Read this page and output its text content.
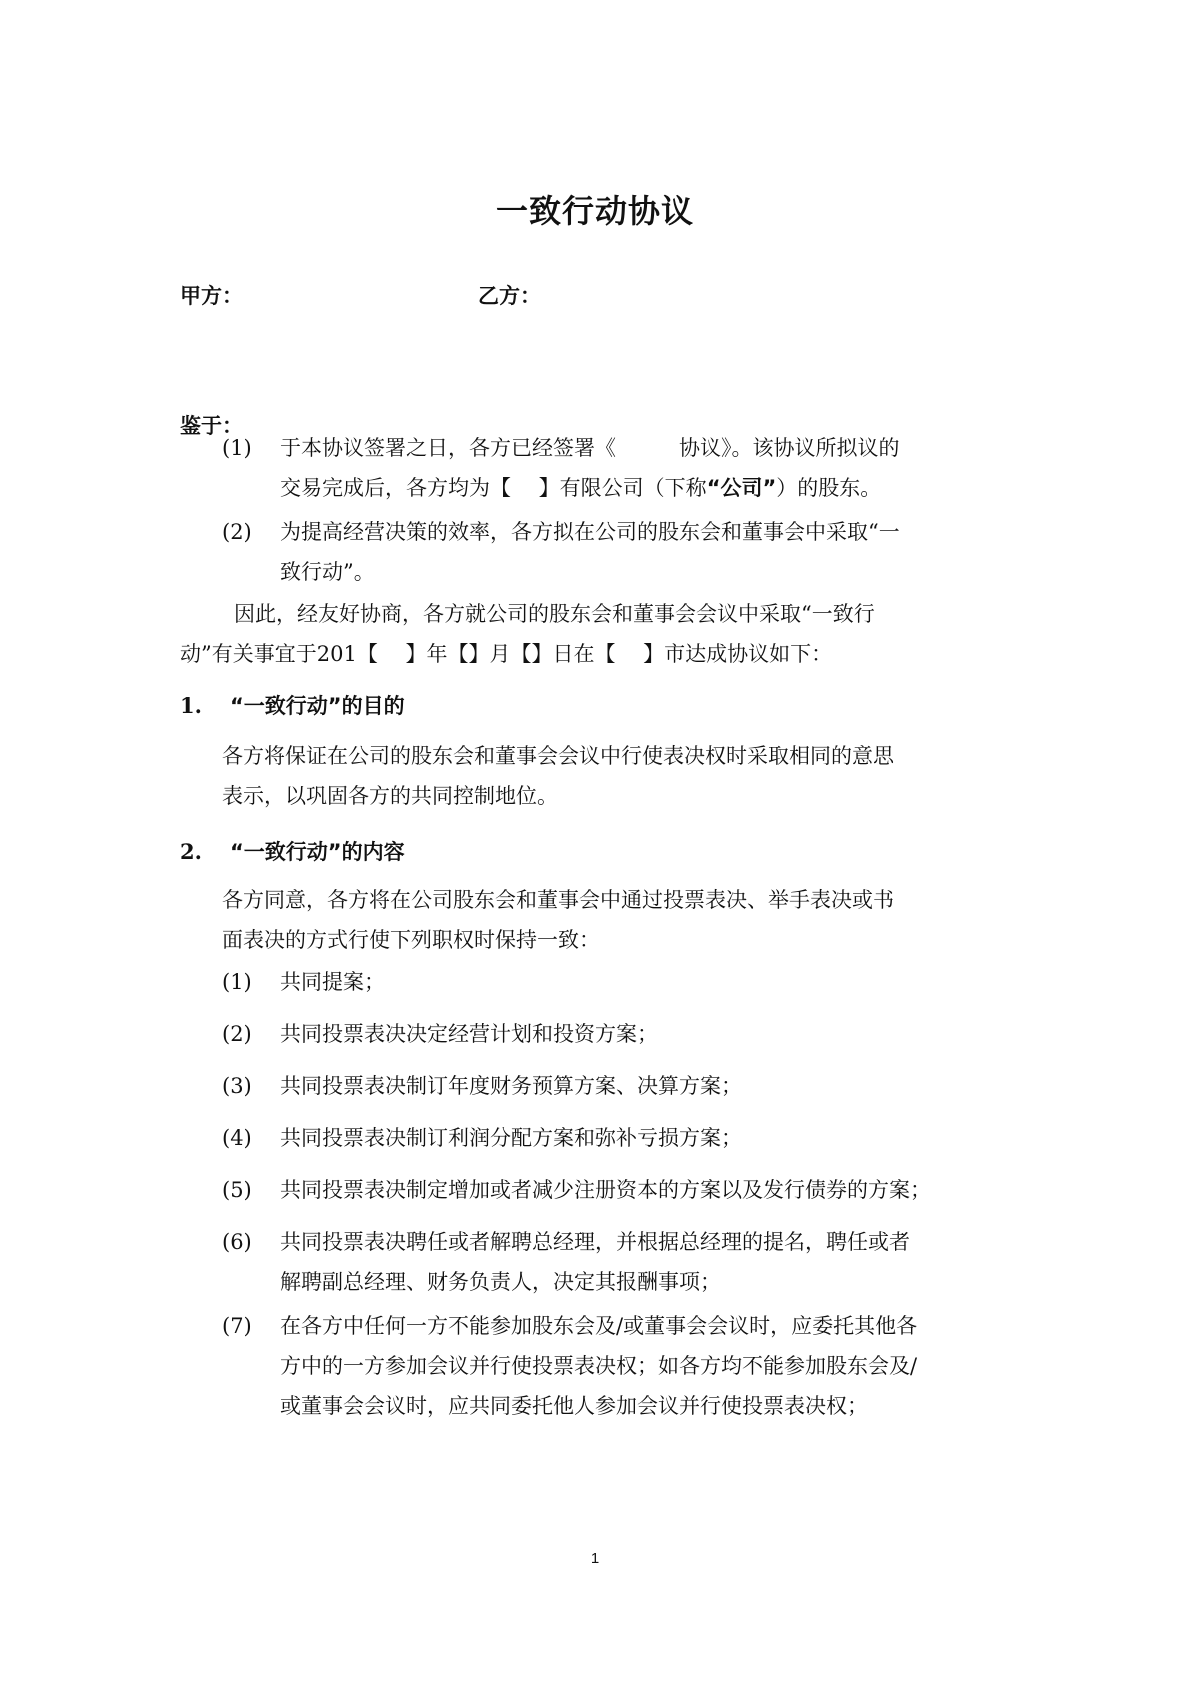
一致行动协议
甲方：	乙方：
鉴于：
(1)	于本协议签署之日，各方已经签署《　　　协议》。该协议所拟议的
交易完成后，各方均为【　 】有限公司（下称“公司”）的股东。
(2)	为提高经营决策的效率，各方拟在公司的股东会和董事会中采取“一
致行动”。
因此，经友好协商，各方就公司的股东会和董事会会议中采取“一致行
动”有关事宜于201【　 】年【】月【】日在【　 】市达成协议如下：
1. “一致行动”的目的
各方将保证在公司的股东会和董事会会议中行使表决权时采取相同的意思
表示，以巩固各方的共同控制地位。
2. “一致行动”的内容
各方同意，各方将在公司股东会和董事会中通过投票表决、举手表决或书
面表决的方式行使下列职权时保持一致：
(1)	共同提案；
(2)	共同投票表决决定经营计划和投资方案；
(3)	共同投票表决制订年度财务预算方案、决算方案；
(4)	共同投票表决制订利润分配方案和弥补亏损方案；
(5)	共同投票表决制定增加或者减少注册资本的方案以及发行债券的方案；
(6)	共同投票表决聘任或者解聘总经理，并根据总经理的提名，聘任或者
解聘副总经理、财务负责人，决定其报酬事项；
(7)	在各方中任何一方不能参加股东会及/或董事会会议时，应委托其他各
方中的一方参加会议并行使投票表决权；如各方均不能参加股东会及/
或董事会会议时，应共同委托他人参加会议并行使投票表决权；
1
